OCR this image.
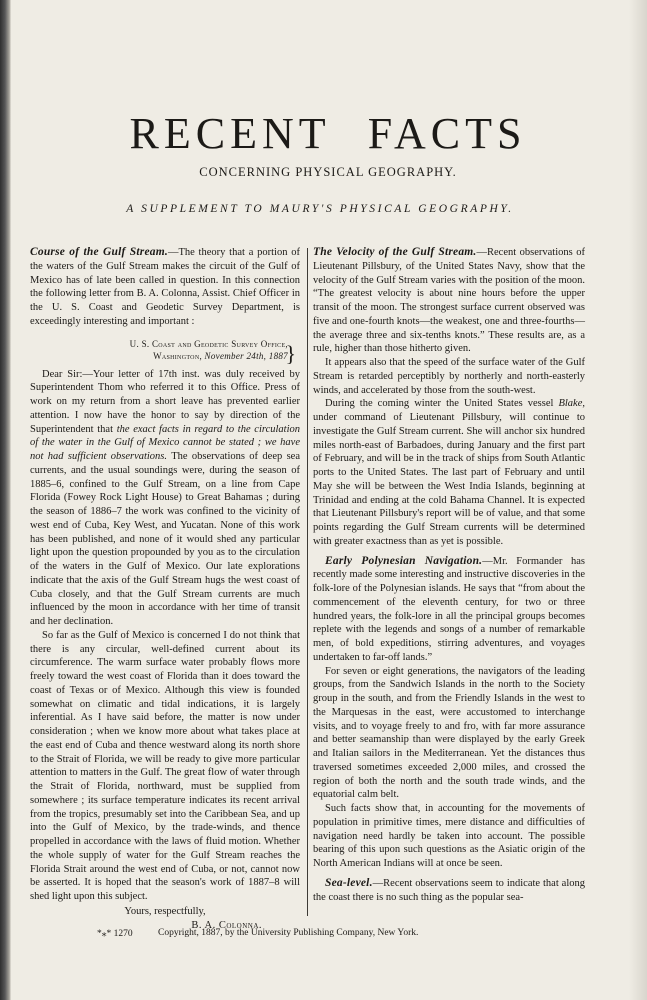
RECENT FACTS
CONCERNING PHYSICAL GEOGRAPHY.
A SUPPLEMENT TO MAURY'S PHYSICAL GEOGRAPHY.

Course of the Gulf Stream.—The theory that a portion of the waters of the Gulf Stream makes the circuit of the Gulf of Mexico has of late been called in question. In this connection the following letter from B. A. Colonna, Assist. Chief Officer in the U. S. Coast and Geodetic Survey Department, is exceedingly interesting and important :

U. S. Coast and Geodetic Survey Office,
Washington, November 24th, 1887
}

Dear Sir:—Your letter of 17th inst. was duly received by Superintendent Thom who referred it to this Office. Press of work on my return from a short leave has prevented earlier attention. I now have the honor to say by direction of the Superintendent that the exact facts in regard to the circulation of the water in the Gulf of Mexico cannot be stated ; we have not had sufficient observations. The observations of deep sea currents, and the usual soundings were, during the season of 1885–6, confined to the Gulf Stream, on a line from Cape Florida (Fowey Rock Light House) to Great Bahamas ; during the season of 1886–7 the work was confined to the vicinity of west end of Cuba, Key West, and Yucatan. None of this work has been published, and none of it would shed any particular light upon the question propounded by you as to the circulation of the waters in the Gulf of Mexico. Our late explorations indicate that the axis of the Gulf Stream hugs the west coast of Cuba closely, and that the Gulf Stream currents are much influenced by the moon in accordance with her time of transit and her declination.

So far as the Gulf of Mexico is concerned I do not think that there is any circular, well-defined current about its circumference. The warm surface water probably flows more freely toward the west coast of Florida than it does toward the coast of Texas or of Mexico. Although this view is founded somewhat on climatic and tidal indications, it is largely inferential. As I have said before, the matter is now under consideration ; when we know more about what takes place at the east end of Cuba and thence westward along its north shore to the Strait of Florida, we will be ready to give more particular attention to matters in the Gulf. The great flow of water through the Strait of Florida, northward, must be supplied from somewhere ; its surface temperature indicates its recent arrival from the tropics, presumably set into the Caribbean Sea, and up into the Gulf of Mexico, by the trade-winds, and thence propelled in accordance with the laws of fluid motion. Whether the whole supply of water for the Gulf Stream reaches the Florida Strait around the west end of Cuba, or not, cannot now be asserted. It is hoped that the season's work of 1887–8 will shed light upon this subject.

Yours, respectfully,
B. A. Colonna.

The Velocity of the Gulf Stream.—Recent observations of Lieutenant Pillsbury, of the United States Navy, show that the velocity of the Gulf Stream varies with the position of the moon. “The greatest velocity is about nine hours before the upper transit of the moon. The strongest surface current observed was five and one-fourth knots—the weakest, one and three-fourths—the average three and six-tenths knots.” These results are, as a rule, higher than those hitherto given.

It appears also that the speed of the surface water of the Gulf Stream is retarded perceptibly by northerly and north-easterly winds, and accelerated by those from the south-west.

During the coming winter the United States vessel Blake, under command of Lieutenant Pillsbury, will continue to investigate the Gulf Stream current. She will anchor six hundred miles north-east of Barbadoes, during January and the first part of February, and will be in the track of ships from South Atlantic ports to the United States. The last part of February and until May she will be between the West India Islands, beginning at Trinidad and ending at the cold Bahama Channel. It is expected that Lieutenant Pillsbury's report will be of value, and that some points regarding the Gulf Stream currents will be determined with greater exactness than as yet is possible.

Early Polynesian Navigation.—Mr. Formander has recently made some interesting and instructive discoveries in the folk-lore of the Polynesian islands. He says that “from about the commencement of the eleventh century, for two or three hundred years, the folk-lore in all the principal groups becomes replete with the legends and songs of a number of remarkable men, of bold expeditions, stirring adventures, and voyages undertaken to far-off lands.”

For seven or eight generations, the navigators of the leading groups, from the Sandwich Islands in the north to the Society group in the south, and from the Friendly Islands in the west to the Marquesas in the east, were accustomed to interchange visits, and to voyage freely to and fro, with far more assurance and better seamanship than were displayed by the early Greek and Italian sailors in the Mediterranean. Yet the distances thus traversed sometimes exceeded 2,000 miles, and crossed the region of both the north and the south trade winds, and the equatorial calm belt.

Such facts show that, in accounting for the movements of population in primitive times, mere distance and difficulties of navigation need hardly be taken into account. The possible bearing of this upon such questions as the Asiatic origin of the North American Indians will at once be seen.

Sea-level.—Recent observations seem to indicate that along the coast there is no such thing as the popular sea-

*⁎* 1270	Copyright, 1887, by the University Publishing Company, New York.
